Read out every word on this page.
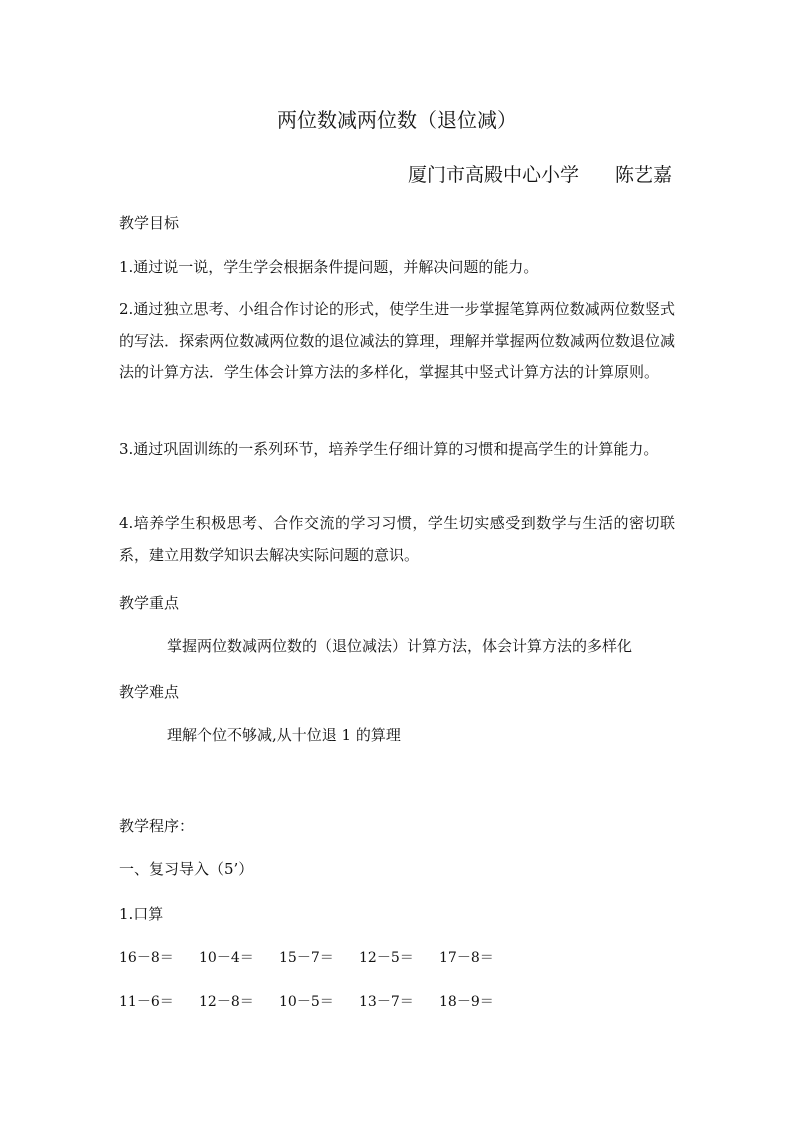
两位数减两位数（退位减）
厦门市高殿中心小学 陈艺嘉
教学目标
1.通过说一说，学生学会根据条件提问题，并解决问题的能力。
2.通过独立思考、小组合作讨论的形式，使学生进一步掌握笔算两位数减两位数竖式的写法．探索两位数减两位数的退位减法的算理，理解并掌握两位数减两位数退位减法的计算方法．学生体会计算方法的多样化，掌握其中竖式计算方法的计算原则。
3.通过巩固训练的一系列环节，培养学生仔细计算的习惯和提高学生的计算能力。
4.培养学生积极思考、合作交流的学习习惯，学生切实感受到数学与生活的密切联系，建立用数学知识去解决实际问题的意识。
教学重点
掌握两位数减两位数的（退位减法）计算方法，体会计算方法的多样化
教学难点
理解个位不够减,从十位退 1 的算理
教学程序：
一、复习导入（5’）
1.口算
16－8＝ 10－4＝ 15－7＝ 12－5＝ 17－8＝
11－6＝ 12－8＝ 10－5＝ 13－7＝ 18－9＝
